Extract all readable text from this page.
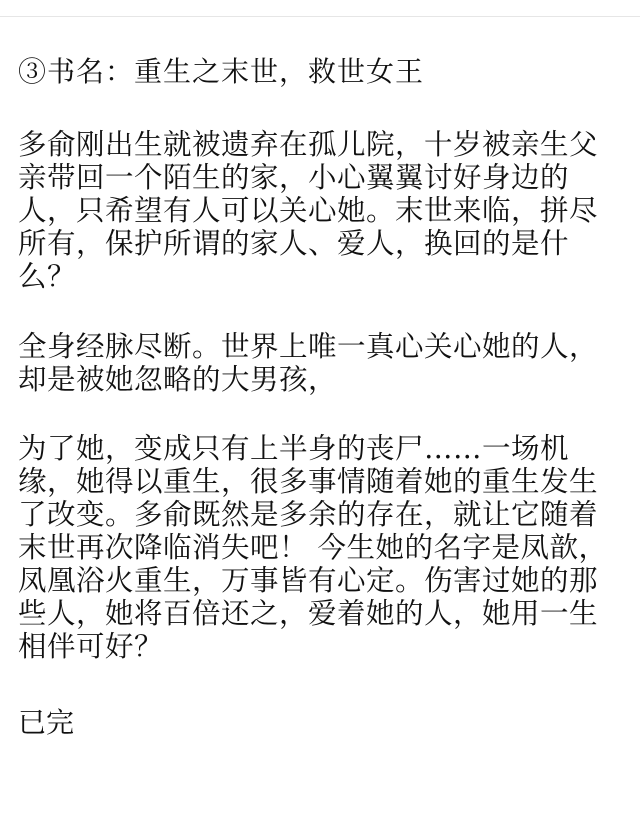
③书名：重生之末世，救世女王

多俞刚出生就被遗弃在孤儿院，十岁被亲生父亲带回一个陌生的家，小心翼翼讨好身边的人，只希望有人可以关心她。末世来临，拼尽所有，保护所谓的家人、爱人，换回的是什么？

全身经脉尽断。世界上唯一真心关心她的人，却是被她忽略的大男孩，

为了她，变成只有上半身的丧尸……一场机缘，她得以重生，很多事情随着她的重生发生了改变。多俞既然是多余的存在，就让它随着末世再次降临消失吧！ 今生她的名字是凤歆，凤凰浴火重生，万事皆有心定。伤害过她的那些人，她将百倍还之，爱着她的人，她用一生相伴可好？

已完
